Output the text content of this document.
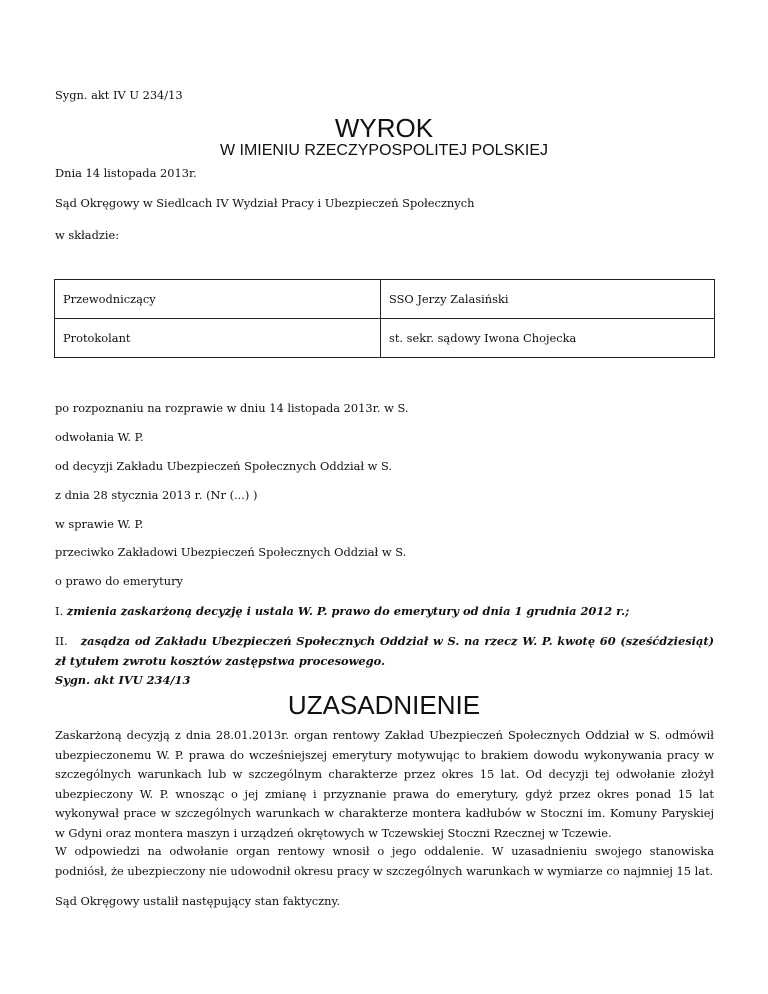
Sygn. akt IV U 234/13
WYROK
W IMIENIU RZECZYPOSPOLITEJ POLSKIEJ
Dnia 14 listopada 2013r.
Sąd Okręgowy w Siedlcach IV Wydział Pracy i Ubezpieczeń Społecznych
w składzie:
Przewodniczący	SSO Jerzy Zalasiński
Protokolant	st. sekr. sądowy Iwona Chojecka
po rozpoznaniu na rozprawie w dniu 14 listopada 2013r. w S.
odwołania W. P.
od decyzji Zakładu Ubezpieczeń Społecznych Oddział w S.
z dnia 28 stycznia 2013 r. (Nr (...) )
w sprawie W. P.
przeciwko Zakładowi Ubezpieczeń Społecznych Oddział w S.
o prawo do emerytury
I. zmienia zaskarżoną decyzję i ustala W. P. prawo do emerytury od dnia 1 grudnia 2012 r.;
II. zasądza od Zakładu Ubezpieczeń Społecznych Oddział w S. na rzecz W. P. kwotę 60 (sześćdziesiąt) zł tytułem zwrotu kosztów zastępstwa procesowego.
Sygn. akt IVU 234/13
UZASADNIENIE
Zaskarżoną decyzją z dnia 28.01.2013r. organ rentowy Zakład Ubezpieczeń Społecznych Oddział w S. odmówił ubezpieczonemu W. P. prawa do wcześniejszej emerytury motywując to brakiem dowodu wykonywania pracy w szczególnych warunkach lub w szczególnym charakterze przez okres 15 lat. Od decyzji tej odwołanie złożył ubezpieczony W. P. wnosząc o jej zmianę i przyznanie prawa do emerytury, gdyż przez okres ponad 15 lat wykonywał prace w szczególnych warunkach w charakterze montera kadłubów w Stoczni im. Komuny Paryskiej w Gdyni oraz montera maszyn i urządzeń okrętowych w Tczewskiej Stoczni Rzecznej w Tczewie.
W odpowiedzi na odwołanie organ rentowy wnosił o jego oddalenie. W uzasadnieniu swojego stanowiska podniósł, że ubezpieczony nie udowodnił okresu pracy w szczególnych warunkach w wymiarze co najmniej 15 lat.
Sąd Okręgowy ustalił następujący stan faktyczny.
